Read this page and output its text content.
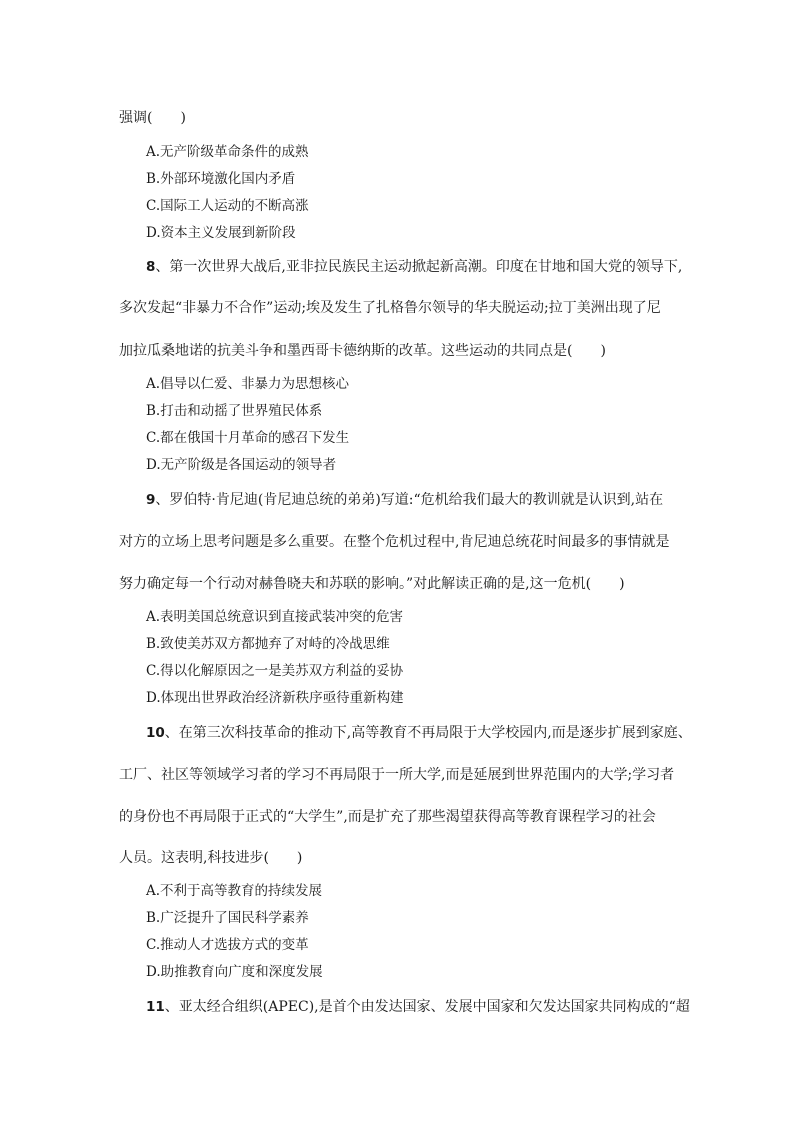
强调(　　)
A.无产阶级革命条件的成熟
B.外部环境激化国内矛盾
C.国际工人运动的不断高涨
D.资本主义发展到新阶段
8、第一次世界大战后,亚非拉民族民主运动掀起新高潮。印度在甘地和国大党的领导下,
多次发起“非暴力不合作”运动;埃及发生了扎格鲁尔领导的华夫脱运动;拉丁美洲出现了尼
加拉瓜桑地诺的抗美斗争和墨西哥卡德纳斯的改革。这些运动的共同点是(　　)
A.倡导以仁爱、非暴力为思想核心
B.打击和动摇了世界殖民体系
C.都在俄国十月革命的感召下发生
D.无产阶级是各国运动的领导者
9、罗伯特·肯尼迪(肯尼迪总统的弟弟)写道:“危机给我们最大的教训就是认识到,站在
对方的立场上思考问题是多么重要。在整个危机过程中,肯尼迪总统花时间最多的事情就是
努力确定每一个行动对赫鲁晓夫和苏联的影响。”对此解读正确的是,这一危机(　　)
A.表明美国总统意识到直接武装冲突的危害
B.致使美苏双方都抛弃了对峙的冷战思维
C.得以化解原因之一是美苏双方利益的妥协
D.体现出世界政治经济新秩序亟待重新构建
10、在第三次科技革命的推动下,高等教育不再局限于大学校园内,而是逐步扩展到家庭、
工厂、社区等领域学习者的学习不再局限于一所大学,而是延展到世界范围内的大学;学习者
的身份也不再局限于正式的“大学生”,而是扩充了那些渴望获得高等教育课程学习的社会
人员。这表明,科技进步(　　)
A.不利于高等教育的持续发展
B.广泛提升了国民科学素养
C.推动人才选拔方式的变革
D.助推教育向广度和深度发展
11、亚太经合组织(APEC),是首个由发达国家、发展中国家和欠发达国家共同构成的“超
